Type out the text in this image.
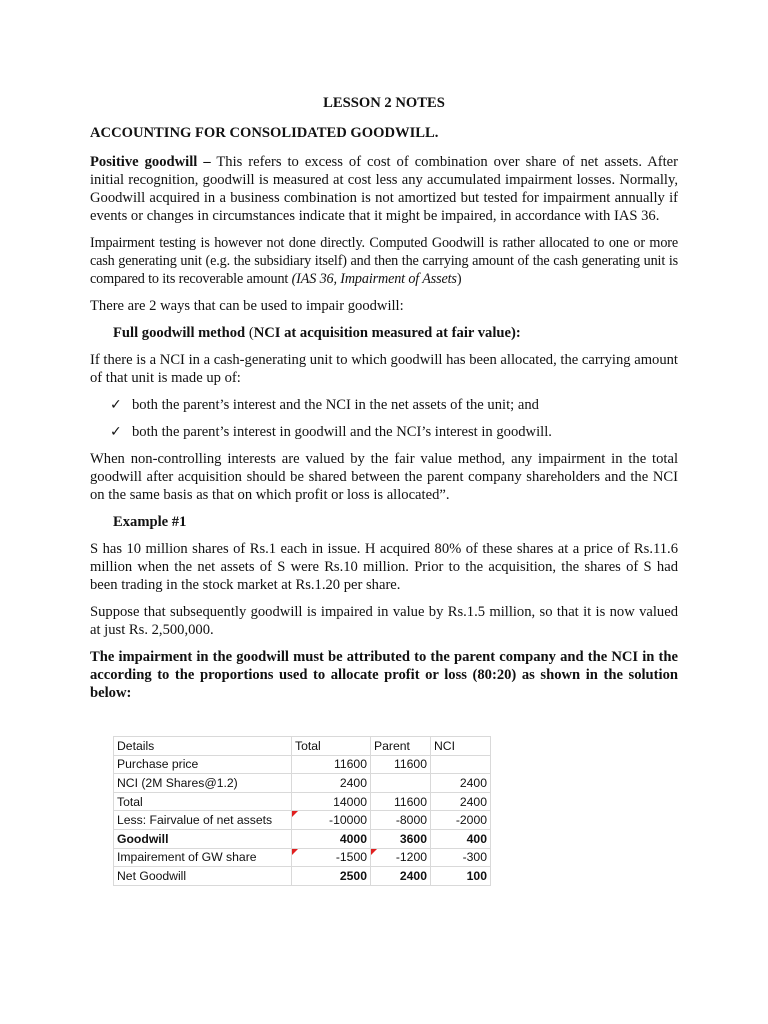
LESSON 2 NOTES

ACCOUNTING FOR CONSOLIDATED GOODWILL.

Positive goodwill – This refers to excess of cost of combination over share of net assets. After initial recognition, goodwill is measured at cost less any accumulated impairment losses. Normally, Goodwill acquired in a business combination is not amortized but tested for impairment annually if events or changes in circumstances indicate that it might be impaired, in accordance with IAS 36.

Impairment testing is however not done directly. Computed Goodwill is rather allocated to one or more cash generating unit (e.g. the subsidiary itself) and then the carrying amount of the cash generating unit is compared to its recoverable amount (IAS 36, Impairment of Assets)

There are 2 ways that can be used to impair goodwill:

Full goodwill method (NCI at acquisition measured at fair value):

If there is a NCI in a cash-generating unit to which goodwill has been allocated, the carrying amount of that unit is made up of:

✓ both the parent’s interest and the NCI in the net assets of the unit; and
✓ both the parent’s interest in goodwill and the NCI’s interest in goodwill.

When non-controlling interests are valued by the fair value method, any impairment in the total goodwill after acquisition should be shared between the parent company shareholders and the NCI on the same basis as that on which profit or loss is allocated”.

Example #1

S has 10 million shares of Rs.1 each in issue. H acquired 80% of these shares at a price of Rs.11.6 million when the net assets of S were Rs.10 million. Prior to the acquisition, the shares of S had been trading in the stock market at Rs.1.20 per share.

Suppose that subsequently goodwill is impaired in value by Rs.1.5 million, so that it is now valued at just Rs. 2,500,000.

The impairment in the goodwill must be attributed to the parent company and the NCI in the according to the proportions used to allocate profit or loss (80:20) as shown in the solution below:

Details	Total	Parent	NCI
Purchase price	11600	11600	
NCI (2M Shares@1.2)	2400		2400
Total	14000	11600	2400
Less: Fairvalue of net assets	-10000	-8000	-2000
Goodwill	4000	3600	400
Impairement of GW share	-1500	-1200	-300
Net Goodwill	2500	2400	100
